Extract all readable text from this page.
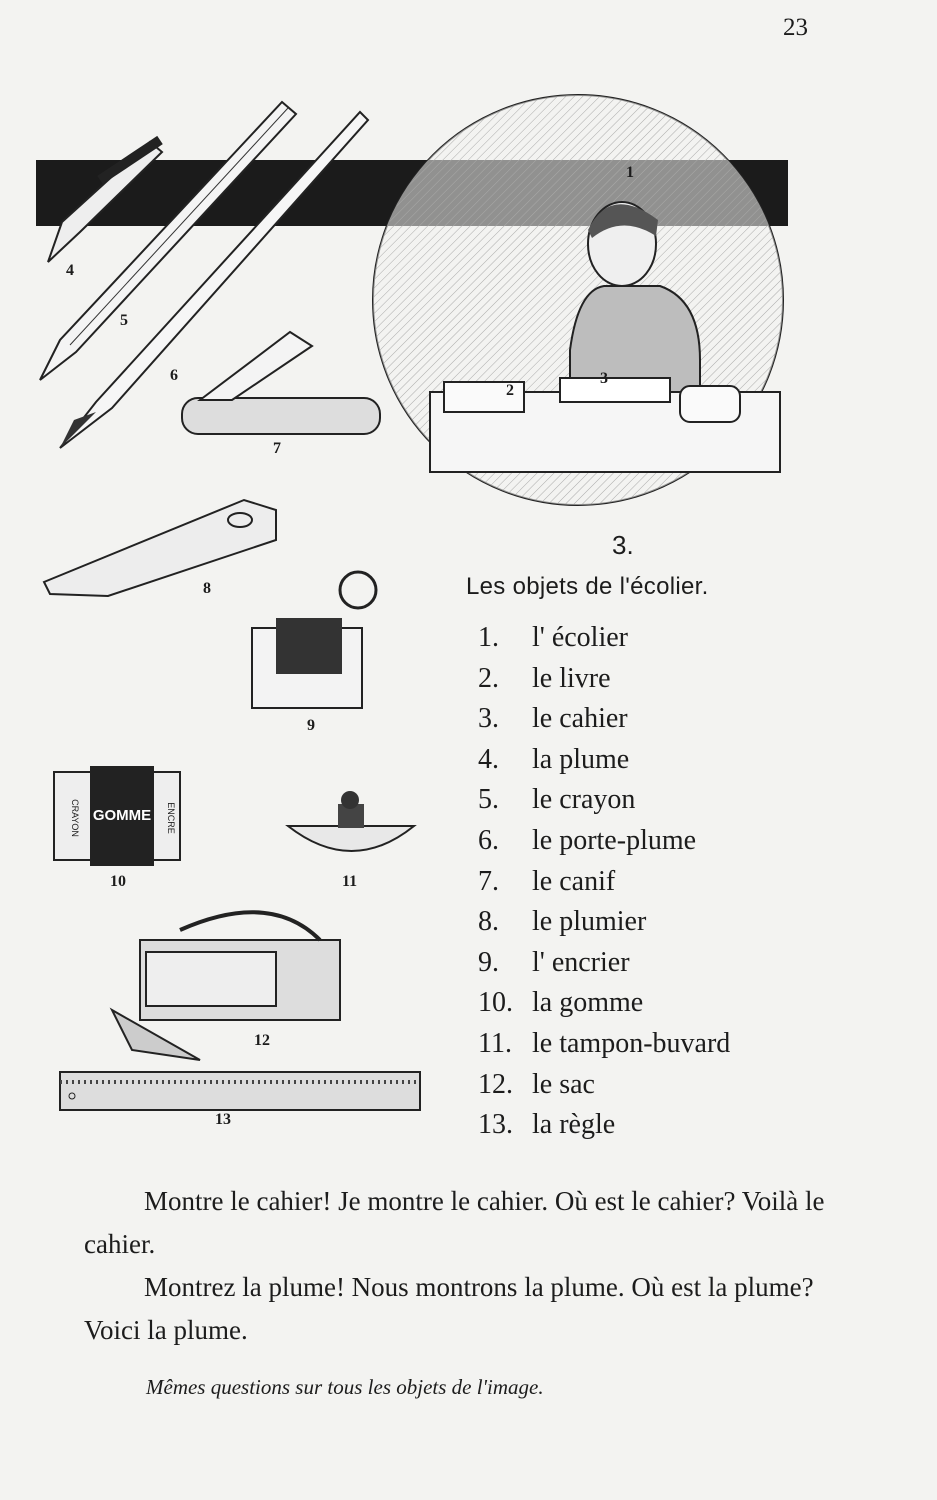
23
GOMME
CRAYON	ENCRE
1
2
3
4
5
6
7
8
9
10	11
12
13
3.
Les objets de l'écolier.
1. l' écolier
2. le livre
3. le cahier
4. la plume
5. le crayon
6. le porte-plume
7. le canif
8. le plumier
9. l' encrier
10. la gomme
11. le tampon-buvard
12. le sac
13. la règle

Montre le cahier! Je montre le cahier. Où est le cahier? Voilà le cahier.

Montrez la plume! Nous montrons la plume. Où est la plume? Voici la plume.

Mêmes questions sur tous les objets de l'image.
